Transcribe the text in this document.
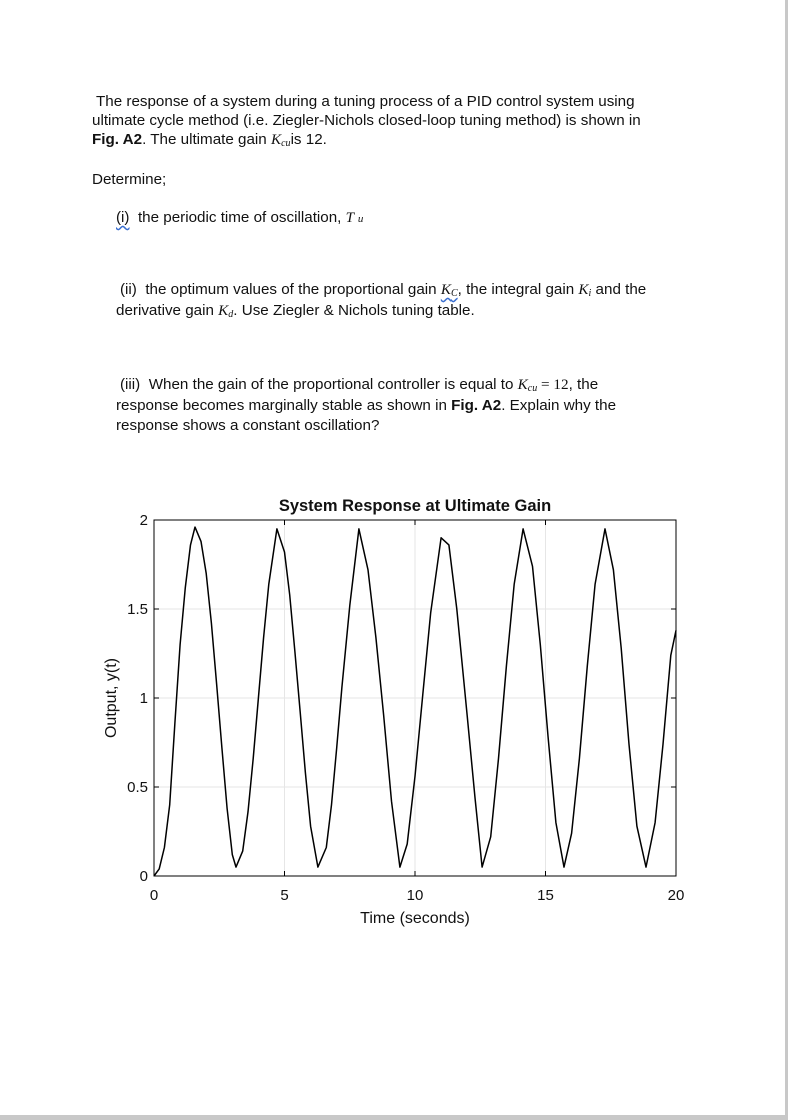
The response of a system during a tuning process of a PID control system using
ultimate cycle method (i.e. Ziegler-Nichols closed-loop tuning method) is shown in
Fig. A2. The ultimate gain $K_{cu}is$ 12.
Determine;
(i) the periodic time of oscillation, T u
(ii) the optimum values of the proportional gain $K_C$, the integral gain $K_i$ and the
derivative gain $K_d$. Use Ziegler & Nichols tuning table.
(iii) When the gain of the proportional controller is equal to $K_{cu} = 12$, the
response becomes marginally stable as shown in Fig. A2. Explain why the
response shows a constant oscillation?
0	5	10	15	20
0
0.5
1
1.5
2
System Response at Ultimate Gain
Time (seconds)
Output, y(t)
